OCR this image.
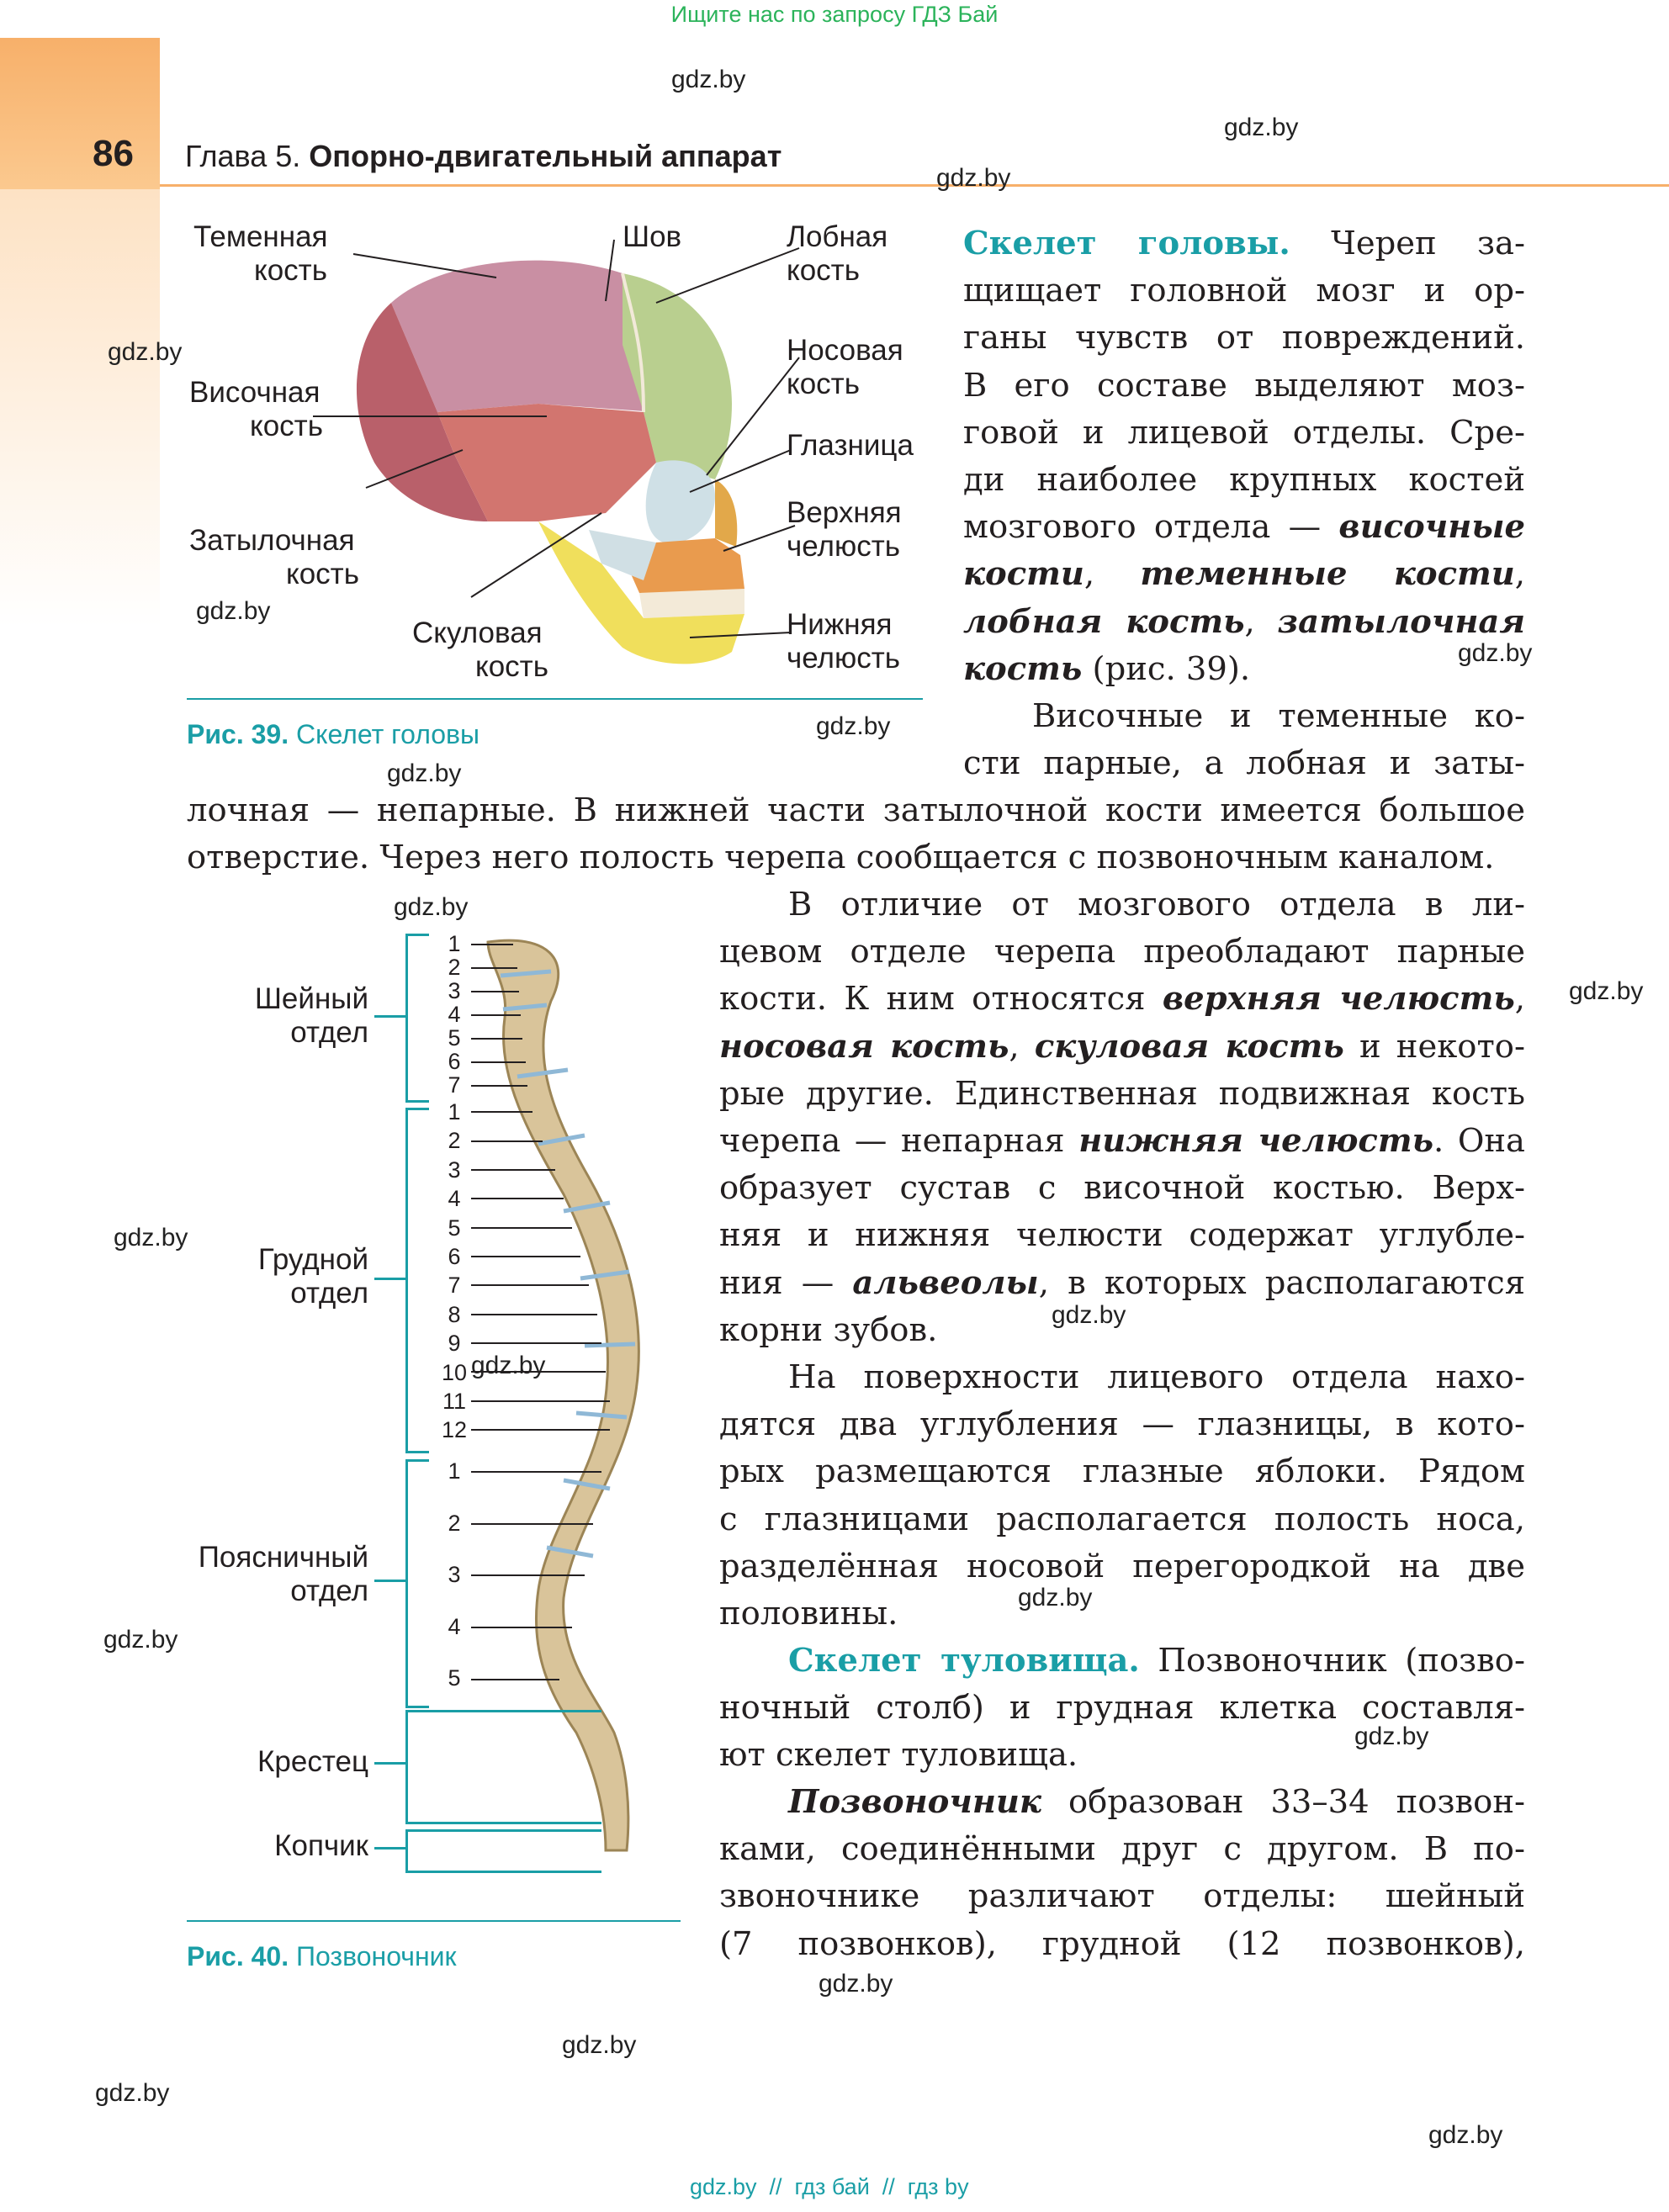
Ищите нас по запросу ГДЗ Бай
86 Глава 5. Опорно-двигательный аппарат
gdz.by
gdz.by
gdz.by
gdz.by
gdz.by
gdz.by
gdz.by
gdz.by
gdz.by
gdz.by
gdz.by
gdz.by
gdz.by
gdz.by
gdz.by
gdz.by
gdz.by
gdz.by
gdz.by
gdz.by
gdz.by  //  гдз бай  //  гдз by
Теменная
кость
Шов	Лобная
кость
Носовая
кость
Височная
кость
Глазница
Затылочная
кость
Верхняя
челюсть
Скуловая
кость
Нижняя
челюсть
Рис. 39. Скелет головы
1
2
3
4
5
6
7
1
2
3
4
5
6
7
8
9
10
11
12
1
2
3
4
5
Шейный
отдел
Грудной
отдел
Поясничный
отдел
Крестец
Копчик
Рис. 40. Позвоночник
Скелет головы. Череп за-
щищает головной мозг и ор-
ганы чувств от повреждений.
В его составе выделяют моз-
говой и лицевой отделы. Сре-
ди наиболее крупных костей
мозгового отдела — височные
кости, теменные кости,
лобная кость, затылочная
кость (рис. 39).
Височные и теменные ко-
сти парные, а лобная и заты-
лочная — непарные. В нижней части затылочной кости имеется большое
отверстие. Через него полость черепа сообщается с позвоночным каналом.
В отличие от мозгового отдела в ли-
цевом отделе черепа преобладают парные
кости. К ним относятся верхняя челюсть,
носовая кость, скуловая кость и некото-
рые другие. Единственная подвижная кость
черепа — непарная нижняя челюсть. Она
образует сустав с височной костью. Верх-
няя и нижняя челюсти содержат углубле-
ния — альвеолы, в которых располагаются
корни зубов.
На поверхности лицевого отдела нахо-
дятся два углубления — глазницы, в кото-
рых размещаются глазные яблоки. Рядом
с глазницами располагается полость носа,
разделённая носовой перегородкой на две
половины.
Скелет туловища. Позвоночник (позво-
ночный столб) и грудная клетка составля-
ют скелет туловища.
Позвоночник образован 33–34 позвон-
ками, соединёнными друг с другом. В по-
звоночнике различают отделы: шейный
(7 позвонков), грудной (12 позвонков),
